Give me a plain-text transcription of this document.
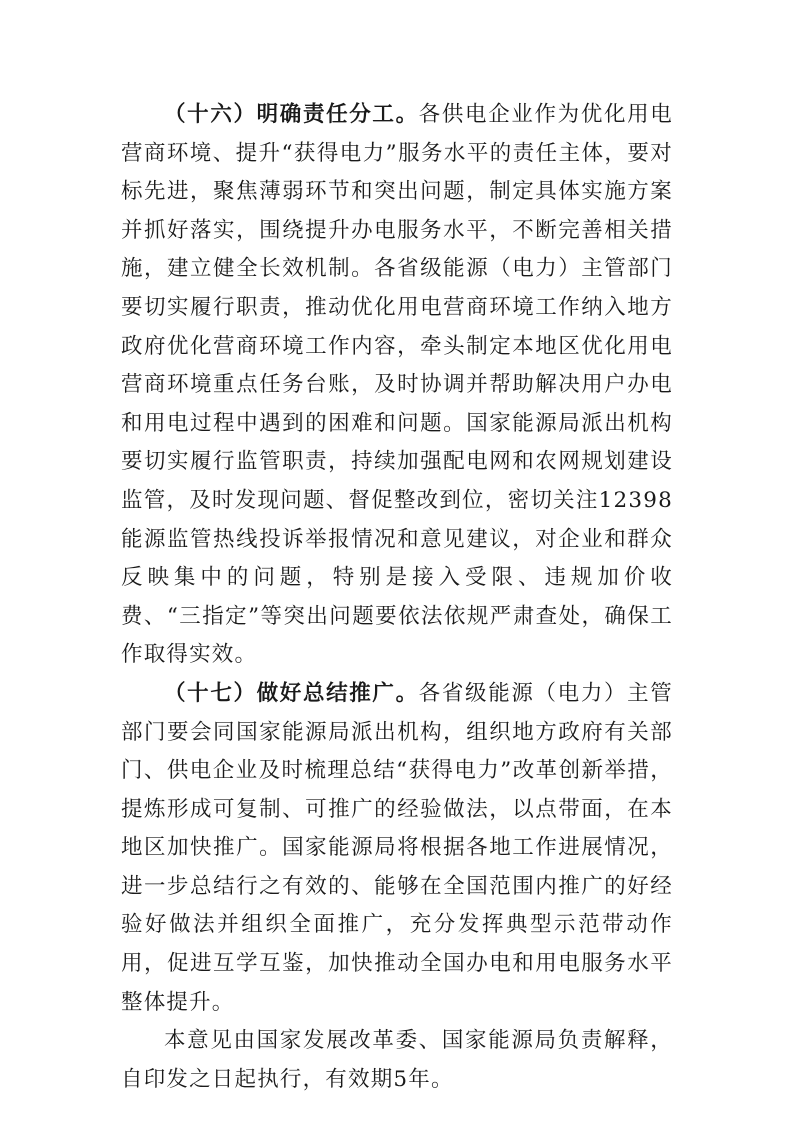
（十六）明确责任分工。各供电企业作为优化用电营商环境、提升“获得电力”服务水平的责任主体，要对标先进，聚焦薄弱环节和突出问题，制定具体实施方案并抓好落实，围绕提升办电服务水平，不断完善相关措施，建立健全长效机制。各省级能源（电力）主管部门要切实履行职责，推动优化用电营商环境工作纳入地方政府优化营商环境工作内容，牵头制定本地区优化用电营商环境重点任务台账，及时协调并帮助解决用户办电和用电过程中遇到的困难和问题。国家能源局派出机构要切实履行监管职责，持续加强配电网和农网规划建设监管，及时发现问题、督促整改到位，密切关注12398能源监管热线投诉举报情况和意见建议，对企业和群众反映集中的问题，特别是接入受限、违规加价收费、“三指定”等突出问题要依法依规严肃查处，确保工作取得实效。

（十七）做好总结推广。各省级能源（电力）主管部门要会同国家能源局派出机构，组织地方政府有关部门、供电企业及时梳理总结“获得电力”改革创新举措，提炼形成可复制、可推广的经验做法，以点带面，在本地区加快推广。国家能源局将根据各地工作进展情况，进一步总结行之有效的、能够在全国范围内推广的好经验好做法并组织全面推广，充分发挥典型示范带动作用，促进互学互鉴，加快推动全国办电和用电服务水平整体提升。

本意见由国家发展改革委、国家能源局负责解释，自印发之日起执行，有效期5年。
